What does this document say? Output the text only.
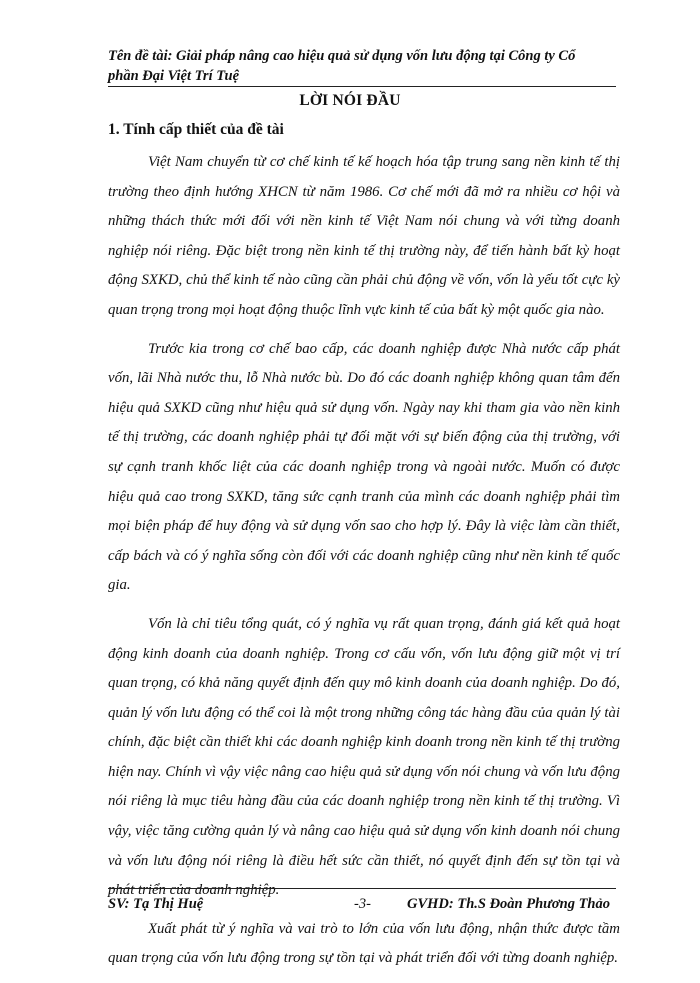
Tên đề tài: Giải pháp nâng cao hiệu quả sử dụng vốn lưu động tại Công ty Cổ phần Đại Việt Trí Tuệ
LỜI NÓI ĐẦU
1. Tính cấp thiết của đề tài

Việt Nam chuyển từ cơ chế kinh tế kế hoạch hóa tập trung sang nền kinh tế thị trường theo định hướng XHCN từ năm 1986. Cơ chế mới đã mở ra nhiều cơ hội và những thách thức mới đối với nền kinh tế Việt Nam nói chung và với từng doanh nghiệp nói riêng. Đặc biệt trong nền kinh tế thị trường này, để tiến hành bất kỳ hoạt động SXKD, chủ thể kinh tế nào cũng cần phải chủ động về vốn, vốn là yếu tốt cực kỳ quan trọng trong mọi hoạt động thuộc lĩnh vực kinh tế của bất kỳ một quốc gia nào.

Trước kia trong cơ chế bao cấp, các doanh nghiệp được Nhà nước cấp phát vốn, lãi Nhà nước thu, lỗ Nhà nước bù. Do đó các doanh nghiệp không quan tâm đến hiệu quả SXKD cũng như hiệu quả sử dụng vốn. Ngày nay khi tham gia vào nền kinh tế thị trường, các doanh nghiệp phải tự đối mặt với sự biến động của thị trường, với sự cạnh tranh khốc liệt của các doanh nghiệp trong và ngoài nước. Muốn có được hiệu quả cao trong SXKD, tăng sức cạnh tranh của mình các doanh nghiệp phải tìm mọi biện pháp để huy động và sử dụng vốn sao cho hợp lý. Đây là việc làm cần thiết, cấp bách và có ý nghĩa sống còn đối với các doanh nghiệp cũng như nền kinh tế quốc gia.

Vốn là chỉ tiêu tổng quát, có ý nghĩa vụ rất quan trọng, đánh giá kết quả hoạt động kinh doanh của doanh nghiệp. Trong cơ cấu vốn, vốn lưu động giữ một vị trí quan trọng, có khả năng quyết định đến quy mô kinh doanh của doanh nghiệp. Do đó, quản lý vốn lưu động có thể coi là một trong những công tác hàng đầu của quản lý tài chính, đặc biệt cần thiết khi các doanh nghiệp kinh doanh trong nền kinh tế thị trường hiện nay. Chính vì vậy việc nâng cao hiệu quả sử dụng vốn nói chung và vốn lưu động nói riêng là mục tiêu hàng đầu của các doanh nghiệp trong nền kinh tế thị trường. Vì vậy, việc tăng cường quản lý và nâng cao hiệu quả sử dụng vốn kinh doanh nói chung và vốn lưu động nói riêng là điều hết sức cần thiết, nó quyết định đến sự tồn tại và phát triển của doanh nghiệp.

Xuất phát từ ý nghĩa và vai trò to lớn của vốn lưu động, nhận thức được tầm quan trọng của vốn lưu động trong sự tồn tại và phát triển đối với từng doanh nghiệp.

SV: Tạ Thị Huệ	-3- GVHD: Th.S Đoàn Phương Thảo
